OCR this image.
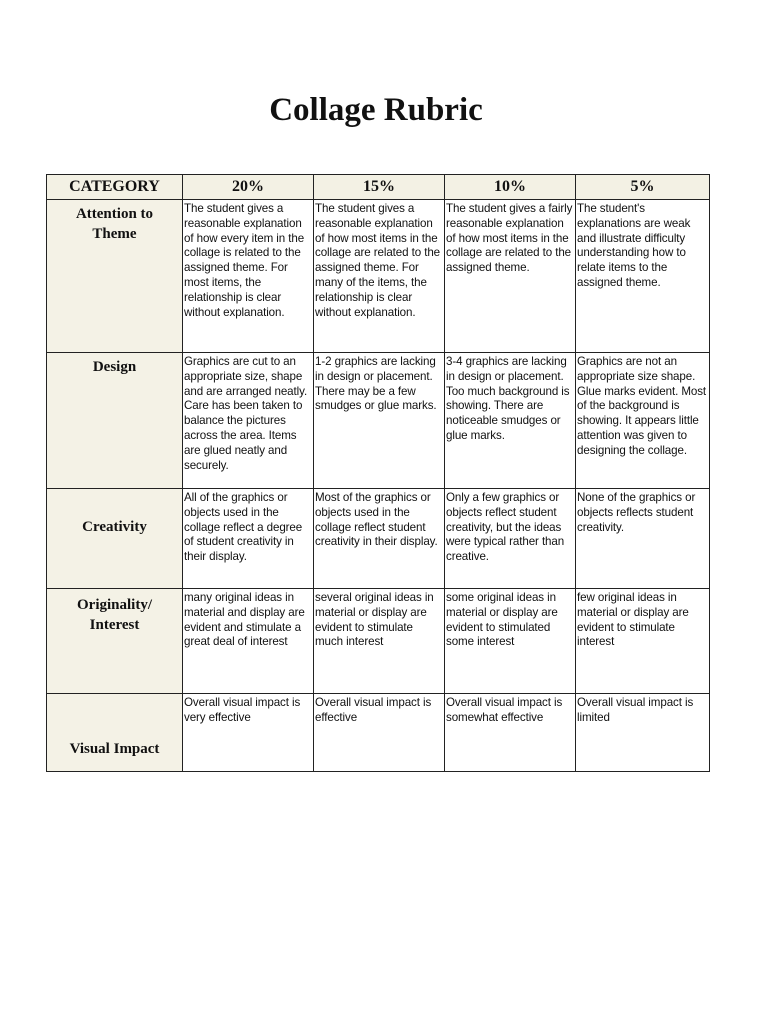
Collage Rubric
CATEGORY	20%	15%	10%	5%
Attention to Theme	The student gives a reasonable explanation of how every item in the collage is related to the assigned theme. For most items, the relationship is clear without explanation.	The student gives a reasonable explanation of how most items in the collage are related to the assigned theme. For many of the items, the relationship is clear without explanation.	The student gives a fairly reasonable explanation of how most items in the collage are related to the assigned theme.	The student's explanations are weak and illustrate difficulty understanding how to relate items to the assigned theme.
Design	Graphics are cut to an appropriate size, shape and are arranged neatly. Care has been taken to balance the pictures across the area. Items are glued neatly and securely.	1-2 graphics are lacking in design or placement. There may be a few smudges or glue marks.	3-4 graphics are lacking in design or placement. Too much background is showing. There are noticeable smudges or glue marks.	Graphics are not an appropriate size shape. Glue marks evident. Most of the background is showing. It appears little attention was given to designing the collage.
Creativity	All of the graphics or objects used in the collage reflect a degree of student creativity in their display.	Most of the graphics or objects used in the collage reflect student creativity in their display.	Only a few graphics or objects reflect student creativity, but the ideas were typical rather than creative.	None of the graphics or objects reflects student creativity.
Originality/ Interest	many original ideas in material and display are evident and stimulate a great deal of interest	several original ideas in material or display are evident to stimulate much interest	some original ideas in material or display are evident to stimulated some interest	few original ideas in material or display are evident to stimulate interest
Visual Impact	Overall visual impact is very effective	Overall visual impact is effective	Overall visual impact is somewhat effective	Overall visual impact is limited
